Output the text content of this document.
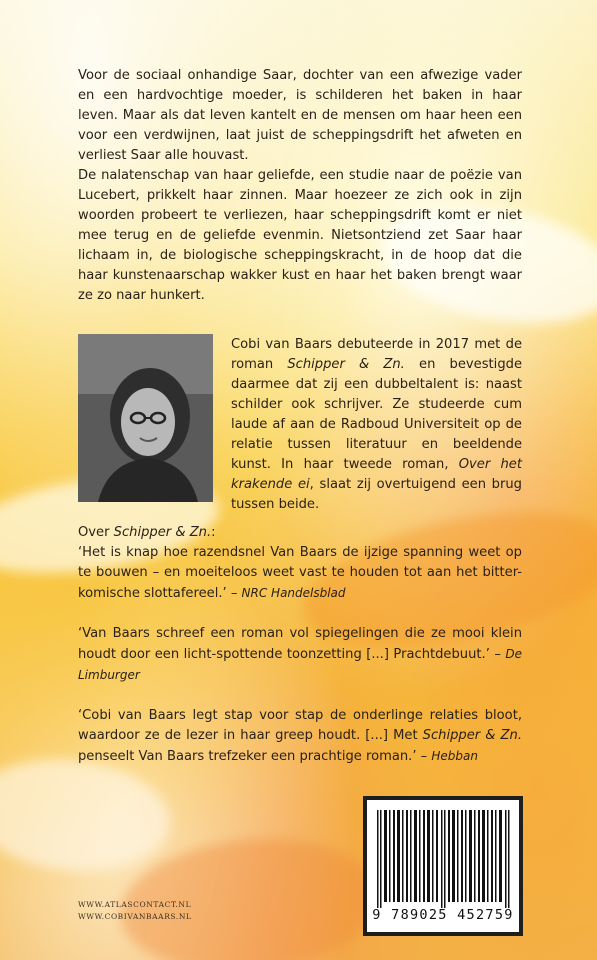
Voor de sociaal onhandige Saar, dochter van een afwezige vader en een hardvochtige moeder, is schilderen het baken in haar leven. Maar als dat leven kantelt en de mensen om haar heen een voor een verdwijnen, laat juist de scheppingsdrift het afweten en verliest Saar alle houvast.

De nalatenschap van haar geliefde, een studie naar de poëzie van Lucebert, prikkelt haar zinnen. Maar hoezeer ze zich ook in zijn woorden probeert te verliezen, haar scheppingsdrift komt er niet mee terug en de geliefde evenmin. Nietsontziend zet Saar haar lichaam in, de biologische scheppingskracht, in de hoop dat die haar kunstenaarschap wakker kust en haar het baken brengt waar ze zo naar hunkert.

Cobi van Baars debuteerde in 2017 met de roman Schipper & Zn. en bevestigde daarmee dat zij een dubbeltalent is: naast schilder ook schrijver. Ze studeerde cum laude af aan de Radboud Universiteit op de relatie tussen literatuur en beeldende kunst. In haar tweede roman, Over het krakende ei, slaat zij overtuigend een brug tussen beide.

Over Schipper & Zn.:

‘Het is knap hoe razendsnel Van Baars de ijzige spanning weet op te bouwen – en moeiteloos weet vast te houden tot aan het bitter-komische slottafereel.’ – NRC Handelsblad

‘Van Baars schreef een roman vol spiegelingen die ze mooi klein houdt door een licht-spottende toonzetting [...] Prachtdebuut.’ – De Limburger

‘Cobi van Baars legt stap voor stap de onderlinge relaties bloot, waardoor ze de lezer in haar greep houdt. [...] Met Schipper & Zn. penseelt Van Baars trefzeker een prachtige roman.’ – Hebban

9 789025 452759
WWW.ATLASCONTACT.NL
WWW.COBIVANBAARS.NL
